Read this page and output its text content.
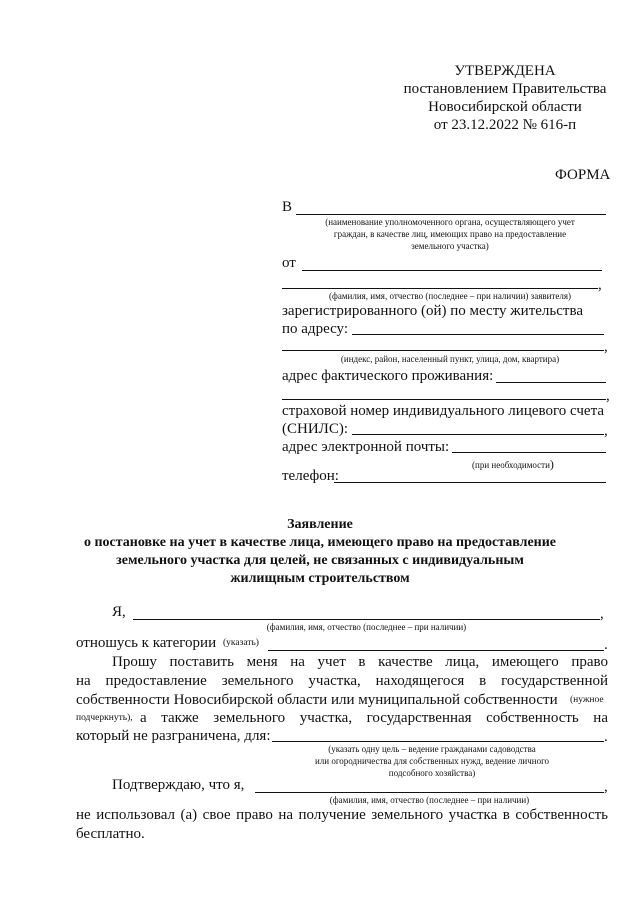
УТВЕРЖДЕНА
постановлением Правительства
Новосибирской области
от 23.12.2022 № 616-п
ФОРМА
В
(наименование уполномоченного органа, осуществляющего учет
граждан, в качестве лиц, имеющих право на предоставление
земельного участка)
от
,
(фамилия, имя, отчество (последнее – при наличии) заявителя)
зарегистрированного (ой) по месту жительства
по адресу:
,
(индекс, район, населенный пункт, улица, дом, квартира)
адрес фактического проживания:
,
страховой номер индивидуального лицевого счета
(СНИЛС):	,
адрес электронной почты:
(при необходимости)
телефон:
Заявление
о постановке на учет в качестве лица, имеющего право на предоставление
земельного участка для целей, не связанных с индивидуальным
жилищным строительством
Я,	,
(фамилия, имя, отчество (последнее – при наличии)
отношусь к категории (указать)	.
Прошу поставить меня на учет в качестве лица, имеющего право
на предоставление земельного участка, находящегося в государственной
собственности Новосибирской области или муниципальной собственности (нужное
подчеркнуть), а также земельного участка, государственная собственность на
который не разграничена, для:	.
(указать одну цель – ведение гражданами садоводства
или огородничества для собственных нужд, ведение личного
подсобного хозяйства)
Подтверждаю, что я,	,
(фамилия, имя, отчество (последнее – при наличии)
не использовал (а) свое право на получение земельного участка в собственность
бесплатно.
